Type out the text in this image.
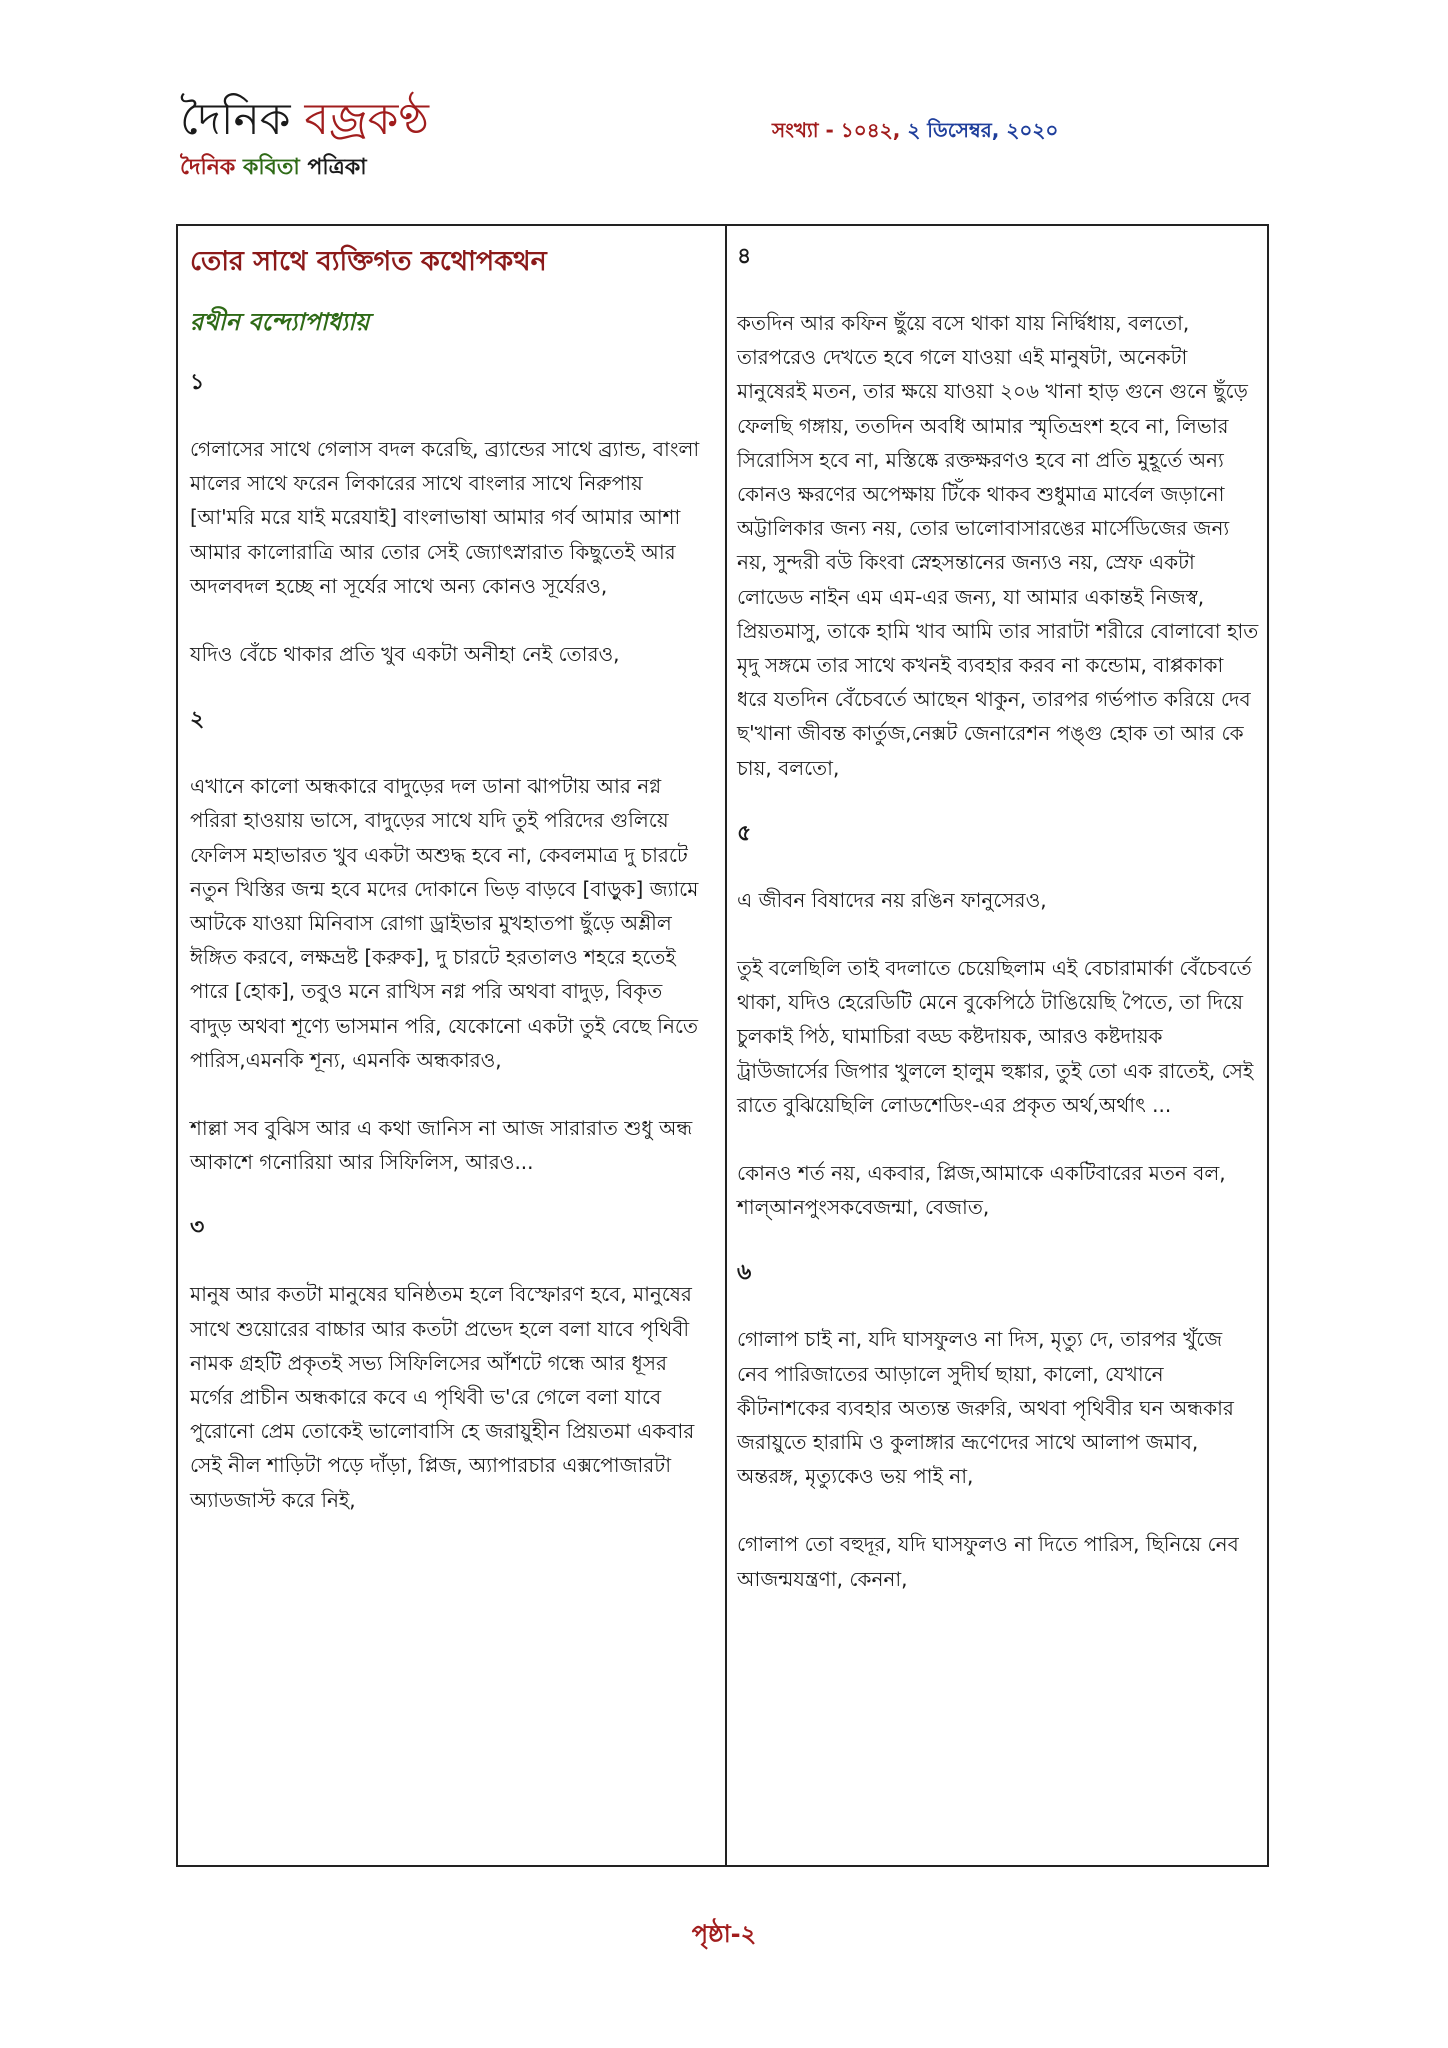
দৈনিক বজ্রকণ্ঠ
দৈনিক কবিতা পত্রিকা
সংখ্যা - ১০৪২, ২ ডিসেম্বর, ২০২০
তোর সাথে ব্যক্তিগত কথোপকথন
রথীন বন্দ্যোপাধ্যায়
১
গেলাসের সাথে গেলাস বদল করেছি, ব্র্যান্ডের সাথে ব্র্যান্ড, বাংলা মালের সাথে ফরেন লিকারের সাথে বাংলার সাথে নিরুপায় [আ'মরি মরে যাই মরেযাই] বাংলাভাষা আমার গর্ব আমার আশা আমার কালোরাত্রি আর তোর সেই জ্যোৎস্নারাত কিছুতেই আর অদলবদল হচ্ছে না সূর্যের সাথে অন্য কোনও সূর্যেরও,
যদিও বেঁচে থাকার প্রতি খুব একটা অনীহা নেই তোরও,
২
এখানে কালো অন্ধকারে বাদুড়ের দল ডানা ঝাপটায় আর নগ্ন পরিরা হাওয়ায় ভাসে, বাদুড়ের সাথে যদি তুই পরিদের গুলিয়ে ফেলিস মহাভারত খুব একটা অশুদ্ধ হবে না, কেবলমাত্র দু চারটে নতুন খিস্তির জন্ম হবে মদের দোকানে ভিড় বাড়বে [বাড়ুক] জ্যামে আটকে যাওয়া মিনিবাস রোগা ড্রাইভার মুখহাতপা ছুঁড়ে অশ্লীল ঈঙ্গিত করবে, লক্ষভ্রষ্ট [করুক], দু চারটে হরতালও শহরে হতেই পারে [হোক], তবুও মনে রাখিস নগ্ন পরি অথবা বাদুড়, বিকৃত বাদুড় অথবা শূণ্যে ভাসমান পরি, যেকোনো একটা তুই বেছে নিতে পারিস,এমনকি শূন্য, এমনকি অন্ধকারও,
শাল্লা সব বুঝিস আর এ কথা জানিস না আজ সারারাত শুধু অন্ধ আকাশে গনোরিয়া আর সিফিলিস, আরও...
৩
মানুষ আর কতটা মানুষের ঘনিষ্ঠতম হলে বিস্ফোরণ হবে, মানুষের সাথে শুয়োরের বাচ্চার আর কতটা প্রভেদ হলে বলা যাবে পৃথিবী নামক গ্রহটি প্রকৃতই সভ্য সিফিলিসের আঁশটে গন্ধে আর ধূসর মর্গের প্রাচীন অন্ধকারে কবে এ পৃথিবী ভ'রে গেলে বলা যাবে পুরোনো প্রেম তোকেই ভালোবাসি হে জরায়ুহীন প্রিয়তমা একবার সেই নীল শাড়িটা পড়ে দাঁড়া, প্লিজ, অ্যাপারচার এক্সপোজারটা অ্যাডজাস্ট করে নিই,
৪
কতদিন আর কফিন ছুঁয়ে বসে থাকা যায় নির্দ্বিধায়, বলতো, তারপরেও দেখতে হবে গলে যাওয়া এই মানুষটা, অনেকটা মানুষেরই মতন, তার ক্ষয়ে যাওয়া ২০৬ খানা হাড় গুনে গুনে ছুঁড়ে ফেলছি গঙ্গায়, ততদিন অবধি আমার স্মৃতিভ্রংশ হবে না, লিভার সিরোসিস হবে না, মস্তিষ্কে রক্তক্ষরণও হবে না প্রতি মুহূর্তে অন্য কোনও ক্ষরণের অপেক্ষায় টিঁকে থাকব শুধুমাত্র মার্বেল জড়ানো অট্টালিকার জন্য নয়, তোর ভালোবাসারঙের মার্সেডিজের জন্য নয়, সুন্দরী বউ কিংবা স্নেহসন্তানের জন্যও নয়, স্রেফ একটা লোডেড নাইন এম এম-এর জন্য, যা আমার একান্তই নিজস্ব, প্রিয়তমাসু, তাকে হামি খাব আমি তার সারাটা শরীরে বোলাবো হাত মৃদু সঙ্গমে তার সাথে কখনই ব্যবহার করব না কন্ডোম, বাপ্পকাকা ধরে যতদিন বেঁচেবর্তে আছেন থাকুন, তারপর গর্ভপাত করিয়ে দেব ছ'খানা জীবন্ত কার্তুজ,নেক্সট জেনারেশন পঙ্গু হোক তা আর কে চায়, বলতো,
৫
এ জীবন বিষাদের নয় রঙিন ফানুসেরও,
তুই বলেছিলি তাই বদলাতে চেয়েছিলাম এই বেচারামার্কা বেঁচেবর্তে থাকা, যদিও হেরেডিটি মেনে বুকেপিঠে টাঙিয়েছি পৈতে, তা দিয়ে চুলকাই পিঠ, ঘামাচিরা বড্ড কষ্টদায়ক, আরও কষ্টদায়ক ট্রাউজার্সের জিপার খুললে হালুম হুঙ্কার, তুই তো এক রাতেই, সেই রাতে বুঝিয়েছিলি লোডশেডিং-এর প্রকৃত অর্থ,অর্থাৎ ...
কোনও শর্ত নয়, একবার, প্লিজ,আমাকে একটিবারের মতন বল, শাল্আনপুংসকবেজন্মা, বেজাত,
৬
গোলাপ চাই না, যদি ঘাসফুলও না দিস, মৃত্যু দে, তারপর খুঁজে নেব পারিজাতের আড়ালে সুদীর্ঘ ছায়া, কালো, যেখানে কীটনাশকের ব্যবহার অত্যন্ত জরুরি, অথবা পৃথিবীর ঘন অন্ধকার জরায়ুতে হারামি ও কুলাঙ্গার ভ্রূণেদের সাথে আলাপ জমাব, অন্তরঙ্গ, মৃত্যুকেও ভয় পাই না,
গোলাপ তো বহুদূর, যদি ঘাসফুলও না দিতে পারিস, ছিনিয়ে নেব আজন্মযন্ত্রণা, কেননা,
পৃষ্ঠা-২
